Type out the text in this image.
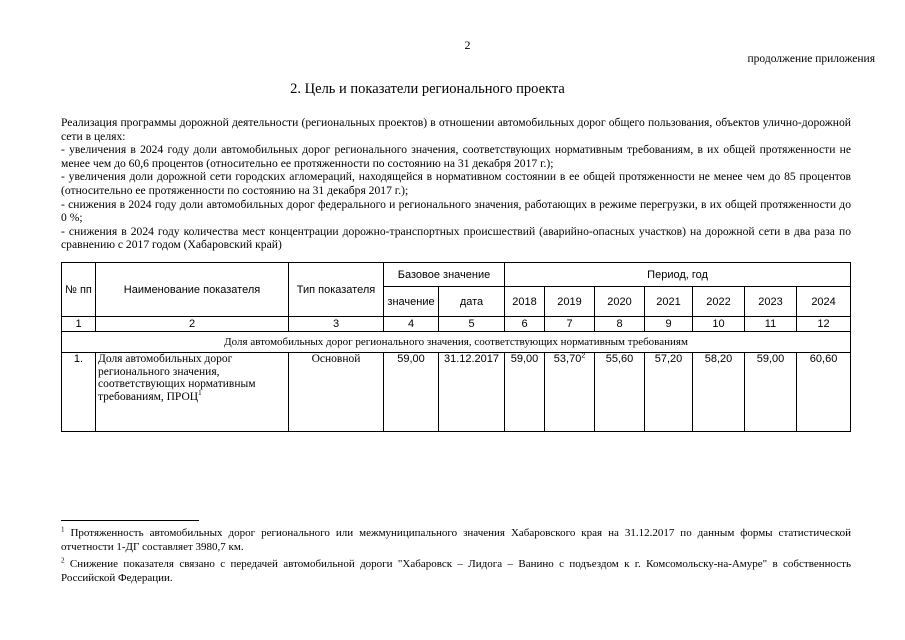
2
продолжение приложения
2. Цель и показатели регионального проекта

Реализация программы дорожной деятельности (региональных проектов) в отношении автомобильных дорог общего пользования, объектов улично-дорожной сети в целях:

- увеличения в 2024 году доли автомобильных дорог регионального значения, соответствующих нормативным требованиям, в их общей протяженности не менее чем до 60,6 процентов (относительно ее протяженности по состоянию на 31 декабря 2017 г.);

- увеличения доли дорожной сети городских агломераций, находящейся в нормативном состоянии в ее общей протяженности не менее чем до 85 процентов (относительно ее протяженности по состоянию на 31 декабря 2017 г.);

- снижения в 2024 году доли автомобильных дорог федерального и регионального значения, работающих в режиме перегрузки, в их общей протяженности до 0 %;

- снижения в 2024 году количества мест концентрации дорожно-транспортных происшествий (аварийно-опасных участков) на дорожной сети в два раза по сравнению с 2017 годом (Хабаровский край)

№ пп	Наименование показателя	Тип показателя	Базовое значение		Период, год						
			значение	дата	2018	2019	2020	2021	2022	2023	2024
1	2	3	4	5	6	7	8	9	10	11	12
Доля автомобильных дорог регионального значения, соответствующих нормативным требованиям											
1.	Доля автомобильных дорог регионального значения, соответствующих нормативным требованиям, ПРОЦ$^1$	Основной	59,00	31.12.2017	59,00	53,70$^2$	55,60	57,20	58,20	59,00	60,60
$^1$ Протяженность автомобильных дорог регионального или межмуниципального значения Хабаровского края на 31.12.2017 по данным формы статистической отчетности 1-ДГ составляет 3980,7 км.
$^2$ Снижение показателя связано с передачей автомобильной дороги "Хабаровск – Лидога – Ванино с подъездом к г. Комсомольску-на-Амуре" в собственность Российской Федерации.
